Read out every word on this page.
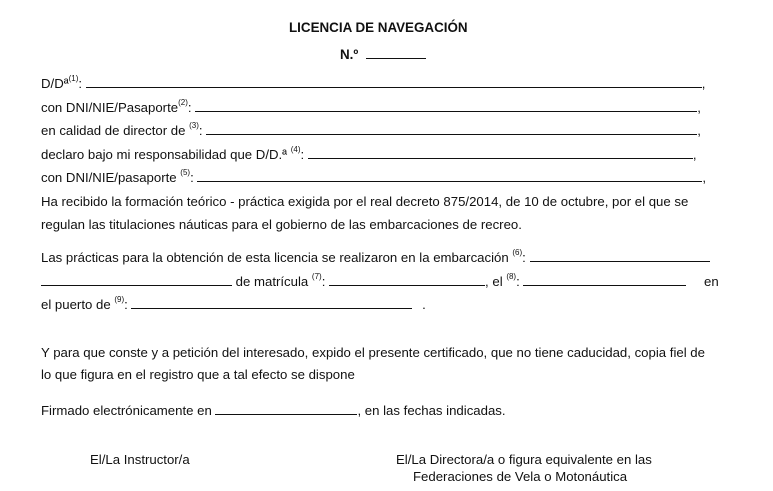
LICENCIA DE NAVEGACIÓN
N.º
D/Dª$^{(1)}$:	,
con DNI/NIE/Pasaporte$^{(2)}$:	,
en calidad de director de $^{(3)}$:	,
declaro bajo mi responsabilidad que D/D.ª $^{(4)}$:	,
con DNI/NIE/pasaporte $^{(5)}$:	,
Ha recibido la formación teórico - práctica exigida por el real decreto 875/2014, de 10 de octubre, por el que se
regulan las titulaciones náuticas para el gobierno de las embarcaciones de recreo.
Las prácticas para la obtención de esta licencia se realizaron en la embarcación $^{(6)}$:
de matrícula $^{(7)}$:	, el $^{(8)}$:	en
el puerto de $^{(9)}$:	.
Y para que conste y a petición del interesado, expido el presente certificado, que no tiene caducidad, copia fiel de
lo que figura en el registro que a tal efecto se dispone
Firmado electrónicamente en	, en las fechas indicadas.
El/La Instructor/a	El/La Directora/a o figura equivalente en las
Federaciones de Vela o Motonáutica
